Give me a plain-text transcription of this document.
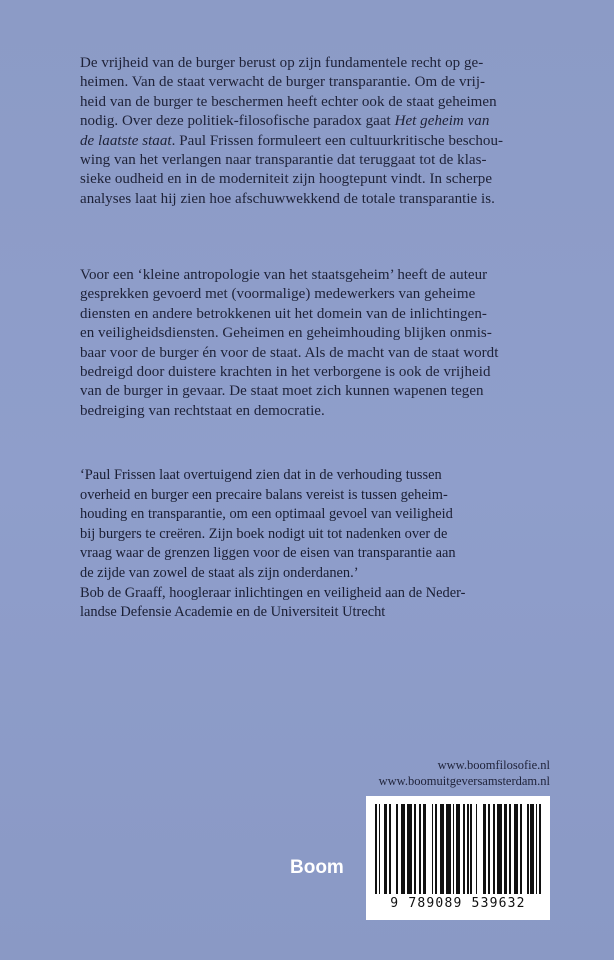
De vrijheid van de burger berust op zijn fundamentele recht op ge-
heimen. Van de staat verwacht de burger transparantie. Om de vrij-
heid van de burger te beschermen heeft echter ook de staat geheimen
nodig. Over deze politiek-filosofische paradox gaat Het geheim van
de laatste staat. Paul Frissen formuleert een cultuurkritische beschou-
wing van het verlangen naar transparantie dat teruggaat tot de klas-
sieke oudheid en in de moderniteit zijn hoogtepunt vindt. In scherpe
analyses laat hij zien hoe afschuwwekkend de totale transparantie is.

Voor een ‘kleine antropologie van het staatsgeheim’ heeft de auteur
gesprekken gevoerd met (voormalige) medewerkers van geheime
diensten en andere betrokkenen uit het domein van de inlichtingen-
en veiligheidsdiensten. Geheimen en geheimhouding blijken onmis-
baar voor de burger én voor de staat. Als de macht van de staat wordt
bedreigd door duistere krachten in het verborgene is ook de vrijheid
van de burger in gevaar. De staat moet zich kunnen wapenen tegen
bedreiging van rechtstaat en democratie.

‘Paul Frissen laat overtuigend zien dat in de verhouding tussen
overheid en burger een precaire balans vereist is tussen geheim-
houding en transparantie, om een optimaal gevoel van veiligheid
bij burgers te creëren. Zijn boek nodigt uit tot nadenken over de
vraag waar de grenzen liggen voor de eisen van transparantie aan
de zijde van zowel de staat als zijn onderdanen.’
Bob de Graaff, hoogleraar inlichtingen en veiligheid aan de Neder-
landse Defensie Academie en de Universiteit Utrecht

www.boomfilosofie.nl
www.boomuitgeversamsterdam.nl
Boom
9 789089 539632
